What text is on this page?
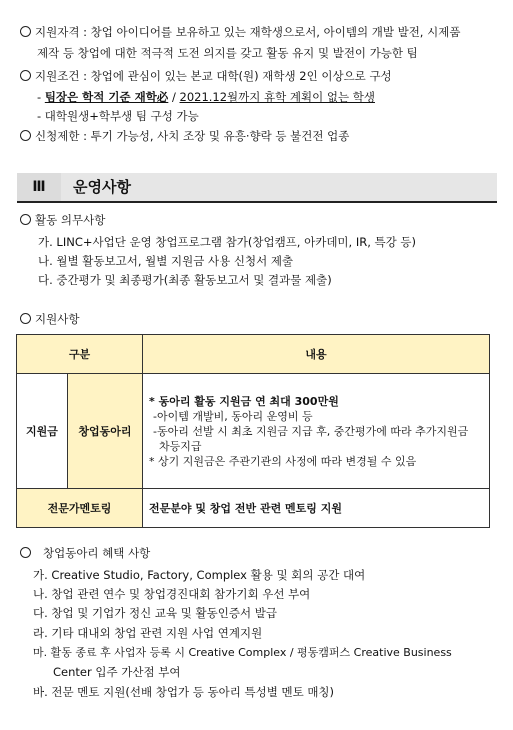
지원자격 : 창업 아이디어를 보유하고 있는 재학생으로서, 아이템의 개발 발전, 시제품
제작 등 창업에 대한 적극적 도전 의지를 갖고 활동 유지 및 발전이 가능한 팀
지원조건 : 창업에 관심이 있는 본교 대학(원) 재학생 2인 이상으로 구성
- 팀장은 학적 기준 재학必 / 2021.12월까지 휴학 계획이 없는 학생
- 대학원생+학부생 팀 구성 가능
신청제한 : 투기 가능성, 사치 조장 및 유흥·향락 등 불건전 업종
Ⅲ	운영사항
활동 의무사항
가. LINC+사업단 운영 창업프로그램 참가(창업캠프, 아카데미, IR, 특강 등)
나. 월별 활동보고서, 월별 지원금 사용 신청서 제출
다. 중간평가 및 최종평가(최종 활동보고서 및 결과물 제출)
지원사항
구분		내용
지원금	창업동아리	* 동아리 활동 지원금 연 최대 300만원
-아이템 개발비, 동아리 운영비 등
-동아리 선발 시 최초 지원금 지급 후, 중간평가에 따라 추가지원금
차등지급
* 상기 지원금은 주관기관의 사정에 따라 변경될 수 있음

전문가멘토링		전문분야 및 창업 전반 관련 멘토링 지원
창업동아리 혜택 사항
가. Creative Studio, Factory, Complex 활용 및 회의 공간 대여
나. 창업 관련 연수 및 창업경진대회 참가기회 우선 부여
다. 창업 및 기업가 정신 교육 및 활동인증서 발급
라. 기타 대내외 창업 관련 지원 사업 연계지원
마. 활동 종료 후 사업자 등록 시 Creative Complex / 평동캠퍼스 Creative Business
Center 입주 가산점 부여
바. 전문 멘토 지원(선배 창업가 등 동아리 특성별 멘토 매칭)
